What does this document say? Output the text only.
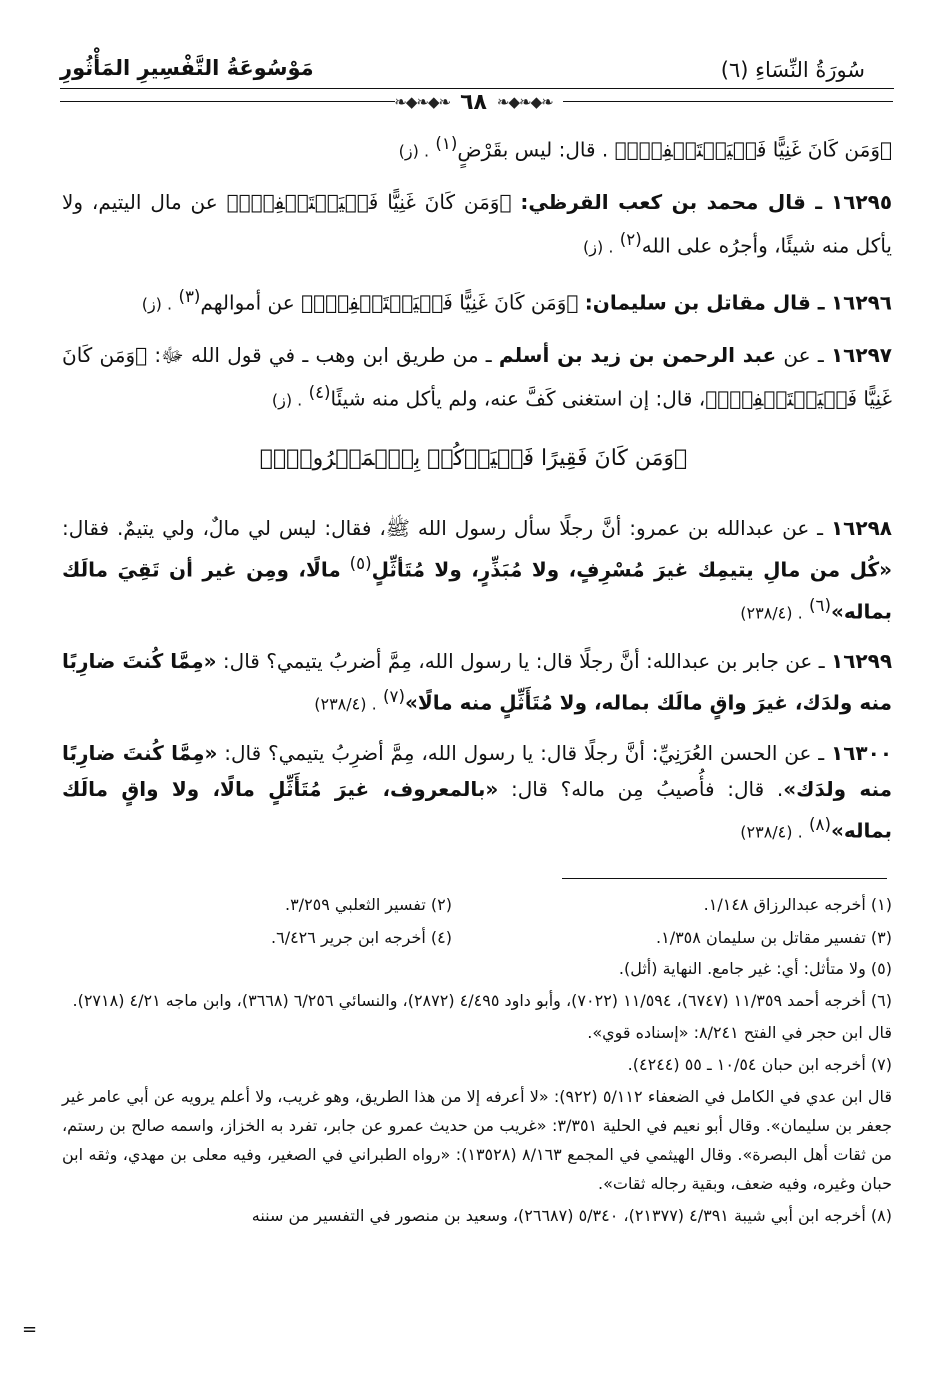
سُورَةُ النِّسَاءِ (٦)
مَوْسُوعَةُ التَّفْسِيرِ المَأْثُورِ
❧◆❧◆❧ ٦٨ ❧◆❧◆❧

﴿وَمَن كَانَ غَنِيًّا فَلۡيَسۡتَعۡفِفۡۖ﴾ . قال: ليس بقَرْضٍ$^{(١)}$ . (ز)

١٦٢٩٥ ـ قال محمد بن كعب القرظي: ﴿وَمَن كَانَ غَنِيًّا فَلۡيَسۡتَعۡفِفۡۖ﴾ عن مال اليتيم، ولا يأكل منه شيئًا، وأجرُه على الله$^{(٢)}$ . (ز)

١٦٢٩٦ ـ قال مقاتل بن سليمان: ﴿وَمَن كَانَ غَنِيًّا فَلۡيَسۡتَعۡفِفۡۖ﴾ عن أموالهم$^{(٣)}$ . (ز)

١٦٢٩٧ ـ عن عبد الرحمن بن زيد بن أسلم ـ من طريق ابن وهب ـ في قول الله ﷻ: ﴿وَمَن كَانَ غَنِيًّا فَلۡيَسۡتَعۡفِفۡۖ﴾، قال: إن استغنى كَفَّ عنه، ولم يأكل منه شيئًا$^{(٤)}$ . (ز)

﴿وَمَن كَانَ فَقِيرًا فَلۡيَأۡكُلۡ بِٱلۡمَعۡرُوفِۚ﴾

١٦٢٩٨ ـ عن عبدالله بن عمرو: أنَّ رجلًا سأل رسول الله ﷺ، فقال: ليس لي مالٌ، ولي يتيمٌ. فقال: «كُل من مالِ يتيمِك غيرَ مُسْرِفٍ، ولا مُبَذِّرٍ، ولا مُتَأثِّلٍ$^{(٥)}$ مالًا، ومِن غير أن تَقِيَ مالَك بماله»$^{(٦)}$ . (٢٣٨/٤)

١٦٢٩٩ ـ عن جابر بن عبدالله: أنَّ رجلًا قال: يا رسول الله، مِمَّ أضربُ يتيمي؟ قال: «مِمَّا كُنتَ ضارِبًا منه ولدَك، غيرَ واقٍ مالَك بماله، ولا مُتَأَثِّلٍ منه مالًا»$^{(٧)}$ . (٢٣٨/٤)

١٦٣٠٠ ـ عن الحسن العُرَنِيِّ: أنَّ رجلًا قال: يا رسول الله، مِمَّ أضرِبُ يتيمي؟ قال: «مِمَّا كُنتَ ضارِبًا منه ولدَك». قال: فأُصيبُ مِن ماله؟ قال: «بالمعروف، غيرَ مُتَأَثِّلٍ مالًا، ولا واقٍ مالَك بماله»$^{(٨)}$ . (٢٣٨/٤)

(١) أخرجه عبدالرزاق ١/١٤٨.
(٢) تفسير الثعلبي ٣/٢٥٩.
(٣) تفسير مقاتل بن سليمان ١/٣٥٨.
(٤) أخرجه ابن جرير ٦/٤٢٦.

(٥) ولا متأثل: أي: غير جامع. النهاية (أثل).

(٦) أخرجه أحمد ١١/٣٥٩ (٦٧٤٧)، ١١/٥٩٤ (٧٠٢٢)، وأبو داود ٤/٤٩٥ (٢٨٧٢)، والنسائي ٦/٢٥٦ (٣٦٦٨)، وابن ماجه ٤/٢١ (٢٧١٨).

قال ابن حجر في الفتح ٨/٢٤١: «إسناده قوي».

(٧) أخرجه ابن حبان ١٠/٥٤ ـ ٥٥ (٤٢٤٤).

قال ابن عدي في الكامل في الضعفاء ٥/١١٢ (٩٢٢): «لا أعرفه إلا من هذا الطريق، وهو غريب، ولا أعلم يرويه عن أبي عامر غير جعفر بن سليمان». وقال أبو نعيم في الحلية ٣/٣٥١: «غريب من حديث عمرو عن جابر، تفرد به الخزاز، واسمه صالح بن رستم، من ثقات أهل البصرة». وقال الهيثمي في المجمع ٨/١٦٣ (١٣٥٢٨): «رواه الطبراني في الصغير، وفيه معلى بن مهدي، وثقه ابن حبان وغيره، وفيه ضعف، وبقية رجاله ثقات».

(٨) أخرجه ابن أبي شيبة ٤/٣٩١ (٢١٣٧٧)، ٥/٣٤٠ (٢٦٦٨٧)، وسعيد بن منصور في التفسير من سننه

=
